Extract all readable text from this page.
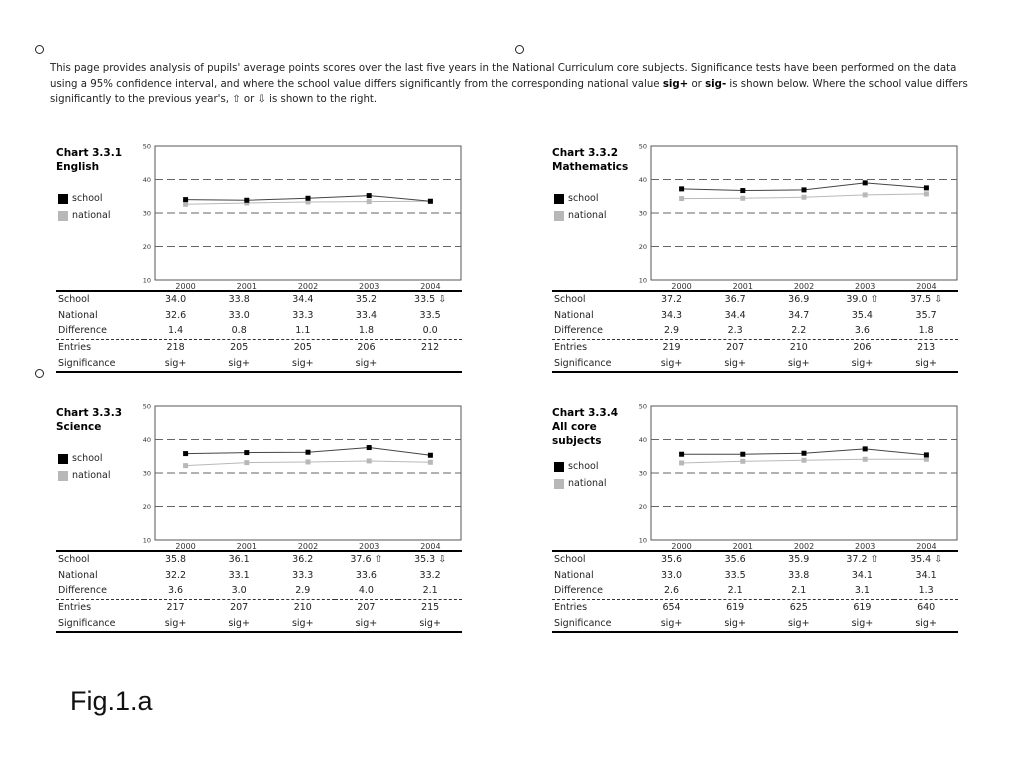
This page provides analysis of pupils' average points scores over the last five years in the National Curriculum core subjects. Significance tests have been performed on the data using a 95% confidence interval, and where the school value differs significantly from the corresponding national value sig+ or sig- is shown below. Where the school value differs significantly to the previous year's, ⇧ or ⇩ is shown to the right.

Chart 3.3.1
English
school
national
10
20
30
40
50
2000	2001	2002	2003	2004
School	34.0	33.8	34.4	35.2	33.5 ⇩
National	32.6	33.0	33.3	33.4	33.5
Difference	1.4	0.8	1.1	1.8	0.0
Entries	218	205	205	206	212
Significance	sig+	sig+	sig+	sig+	
Chart 3.3.2
Mathematics
school
national
10
20
30
40
50
2000	2001	2002	2003	2004
School	37.2	36.7	36.9	39.0 ⇧	37.5 ⇩
National	34.3	34.4	34.7	35.4	35.7
Difference	2.9	2.3	2.2	3.6	1.8
Entries	219	207	210	206	213
Significance	sig+	sig+	sig+	sig+	sig+
Chart 3.3.3
Science
school
national
10
20
30
40
50
2000	2001	2002	2003	2004
School	35.8	36.1	36.2	37.6 ⇧	35.3 ⇩
National	32.2	33.1	33.3	33.6	33.2
Difference	3.6	3.0	2.9	4.0	2.1
Entries	217	207	210	207	215
Significance	sig+	sig+	sig+	sig+	sig+
Chart 3.3.4
All core
subjects
school
national
10
20
30
40
50
2000	2001	2002	2003	2004
School	35.6	35.6	35.9	37.2 ⇧	35.4 ⇩
National	33.0	33.5	33.8	34.1	34.1
Difference	2.6	2.1	2.1	3.1	1.3
Entries	654	619	625	619	640
Significance	sig+	sig+	sig+	sig+	sig+
Fig.1.a
